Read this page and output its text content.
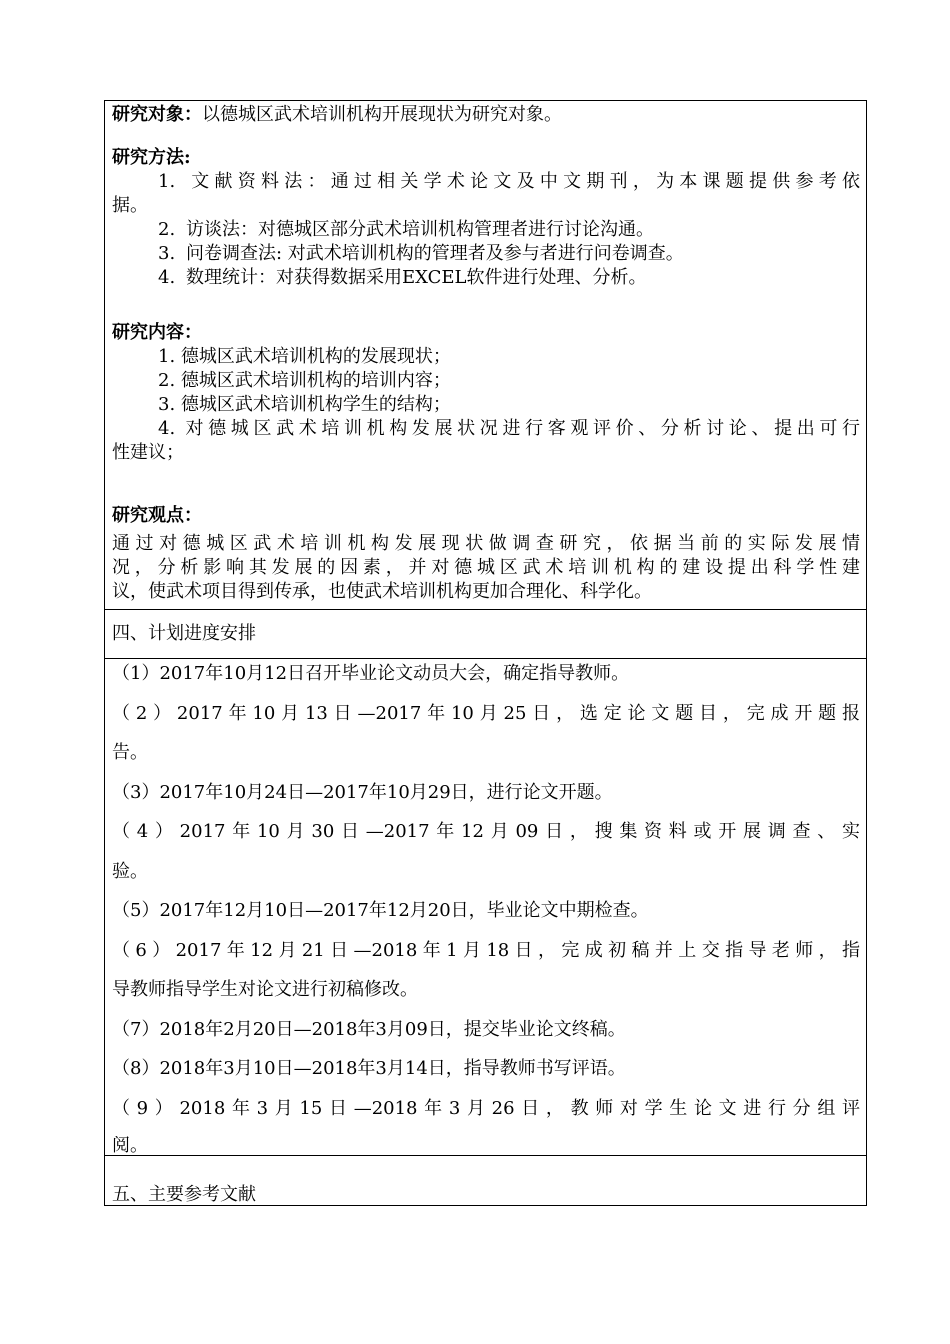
研究对象：以德城区武术培训机构开展现状为研究对象。
研究方法:
1. 文献资料法：通过相关学术论文及中文期刊，为本课题提供参考依
据。
2. 访谈法：对德城区部分武术培训机构管理者进行讨论沟通。
3. 问卷调查法: 对武术培训机构的管理者及参与者进行问卷调查。
4. 数理统计：对获得数据采用EXCEL软件进行处理、分析。
研究内容：
1. 德城区武术培训机构的发展现状；
2. 德城区武术培训机构的培训内容；
3. 德城区武术培训机构学生的结构；
4. 对德城区武术培训机构发展状况进行客观评价、分析讨论、提出可行
性建议；
研究观点：
通过对德城区武术培训机构发展现状做调查研究，依据当前的实际发展情
况，分析影响其发展的因素，并对德城区武术培训机构的建设提出科学性建
议，使武术项目得到传承，也使武术培训机构更加合理化、科学化。
四、计划进度安排
（1）2017年10月12日召开毕业论文动员大会，确定指导教师。
（2）2017年10月13日—2017年10月25日，选定论文题目，完成开题报
告。
（3）2017年10月24日—2017年10月29日，进行论文开题。
（4）2017年10月30日—2017年12月09日，搜集资料或开展调查、实
验。
（5）2017年12月10日—2017年12月20日，毕业论文中期检查。
（6）2017年12月21日—2018年1月18日，完成初稿并上交指导老师，指
导教师指导学生对论文进行初稿修改。
（7）2018年2月20日—2018年3月09日，提交毕业论文终稿。
（8）2018年3月10日—2018年3月14日，指导教师书写评语。
（9）2018年3月15日—2018年3月26日，教师对学生论文进行分组评
阅。
五、主要参考文献
